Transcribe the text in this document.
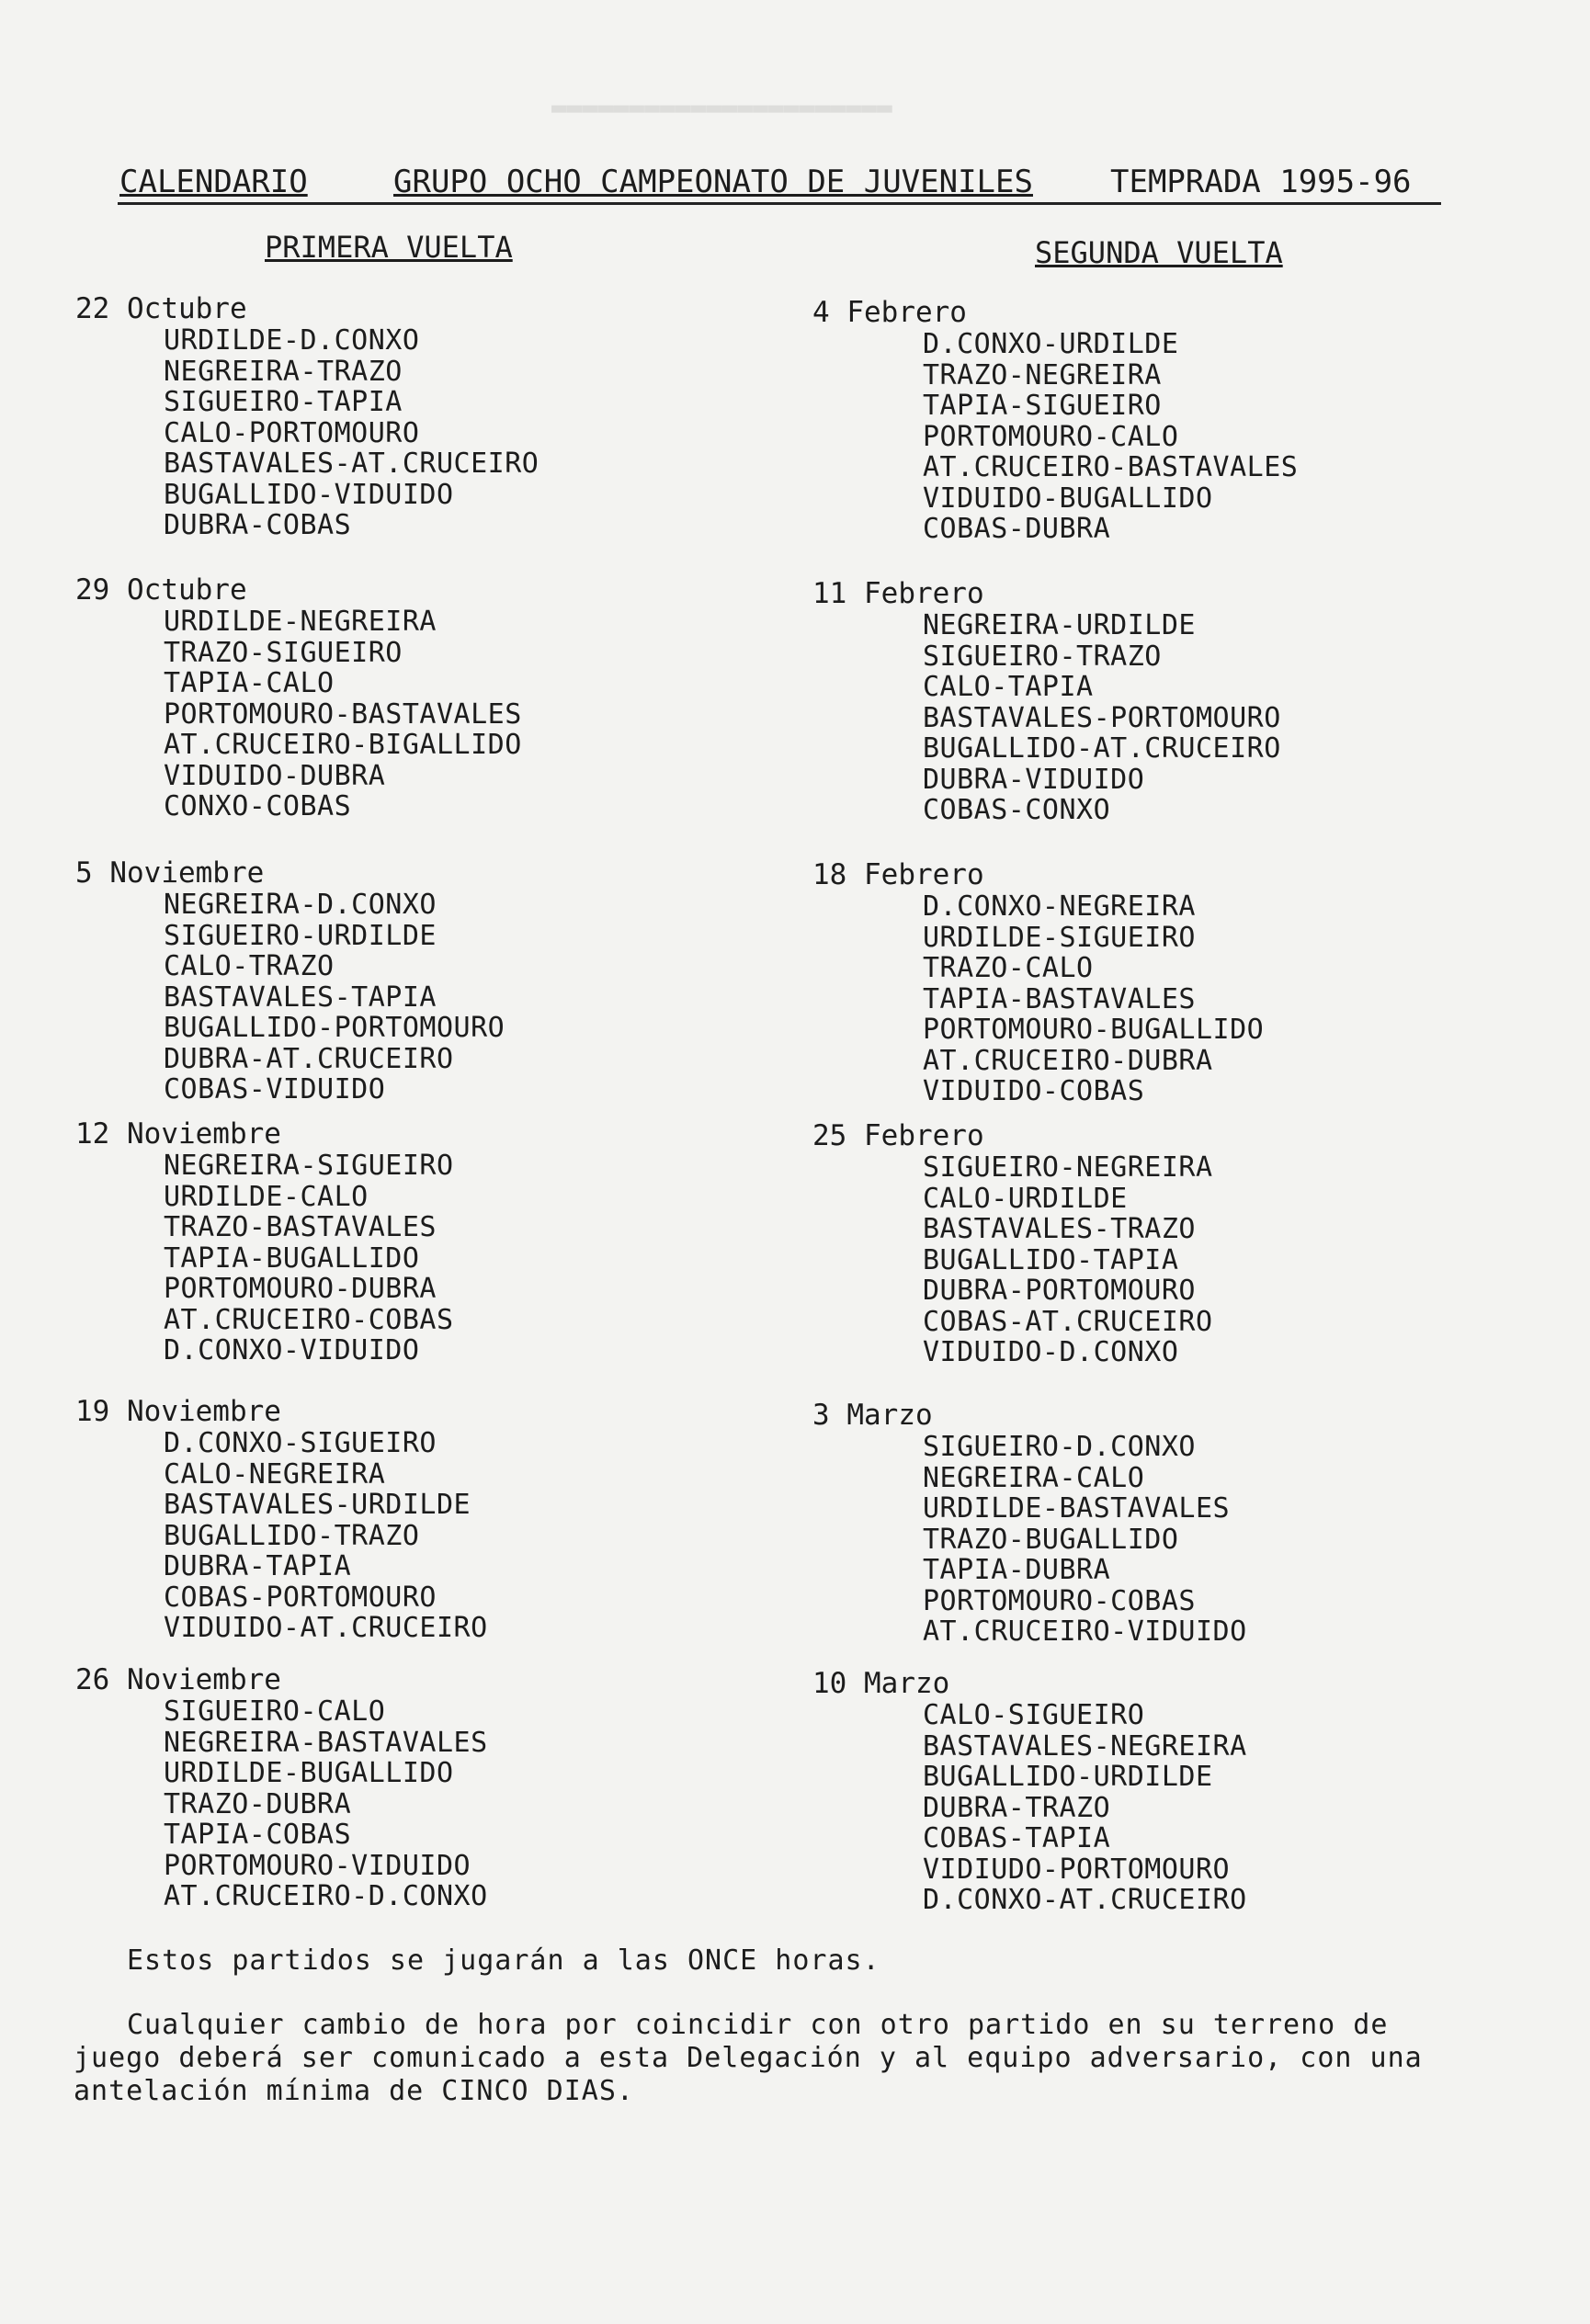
▬▬▬▬▬▬▬▬▬▬▬▬▬▬▬▬▬▬▬▬▬▬
CALENDARIO	GRUPO OCHO CAMPEONATO DE JUVENILES TEMPRADA 1995-96
PRIMERA VUELTA	SEGUNDA VUELTA
22 Octubre
URDILDE-D.CONXO
NEGREIRA-TRAZO
SIGUEIRO-TAPIA
CALO-PORTOMOURO
BASTAVALES-AT.CRUCEIRO
BUGALLIDO-VIDUIDO
DUBRA-COBAS
29 Octubre
URDILDE-NEGREIRA
TRAZO-SIGUEIRO
TAPIA-CALO
PORTOMOURO-BASTAVALES
AT.CRUCEIRO-BIGALLIDO
VIDUIDO-DUBRA
CONXO-COBAS
5 Noviembre
NEGREIRA-D.CONXO
SIGUEIRO-URDILDE
CALO-TRAZO
BASTAVALES-TAPIA
BUGALLIDO-PORTOMOURO
DUBRA-AT.CRUCEIRO
COBAS-VIDUIDO
12 Noviembre
NEGREIRA-SIGUEIRO
URDILDE-CALO
TRAZO-BASTAVALES
TAPIA-BUGALLIDO
PORTOMOURO-DUBRA
AT.CRUCEIRO-COBAS
D.CONXO-VIDUIDO
19 Noviembre
D.CONXO-SIGUEIRO
CALO-NEGREIRA
BASTAVALES-URDILDE
BUGALLIDO-TRAZO
DUBRA-TAPIA
COBAS-PORTOMOURO
VIDUIDO-AT.CRUCEIRO
26 Noviembre
SIGUEIRO-CALO
NEGREIRA-BASTAVALES
URDILDE-BUGALLIDO
TRAZO-DUBRA
TAPIA-COBAS
PORTOMOURO-VIDUIDO
AT.CRUCEIRO-D.CONXO
4 Febrero
D.CONXO-URDILDE
TRAZO-NEGREIRA
TAPIA-SIGUEIRO
PORTOMOURO-CALO
AT.CRUCEIRO-BASTAVALES
VIDUIDO-BUGALLIDO
COBAS-DUBRA
11 Febrero
NEGREIRA-URDILDE
SIGUEIRO-TRAZO
CALO-TAPIA
BASTAVALES-PORTOMOURO
BUGALLIDO-AT.CRUCEIRO
DUBRA-VIDUIDO
COBAS-CONXO
18 Febrero
D.CONXO-NEGREIRA
URDILDE-SIGUEIRO
TRAZO-CALO
TAPIA-BASTAVALES
PORTOMOURO-BUGALLIDO
AT.CRUCEIRO-DUBRA
VIDUIDO-COBAS
25 Febrero
SIGUEIRO-NEGREIRA
CALO-URDILDE
BASTAVALES-TRAZO
BUGALLIDO-TAPIA
DUBRA-PORTOMOURO
COBAS-AT.CRUCEIRO
VIDUIDO-D.CONXO
3 Marzo
SIGUEIRO-D.CONXO
NEGREIRA-CALO
URDILDE-BASTAVALES
TRAZO-BUGALLIDO
TAPIA-DUBRA
PORTOMOURO-COBAS
AT.CRUCEIRO-VIDUIDO
10 Marzo
CALO-SIGUEIRO
BASTAVALES-NEGREIRA
BUGALLIDO-URDILDE
DUBRA-TRAZO
COBAS-TAPIA
VIDIUDO-PORTOMOURO
D.CONXO-AT.CRUCEIRO
Estos partidos se jugarán a las ONCE horas.
Cualquier cambio de hora por coincidir con otro partido en su terreno de juego deberá ser comunicado a esta Delegación y al equipo adversario, con una antelación mínima de CINCO DIAS.
